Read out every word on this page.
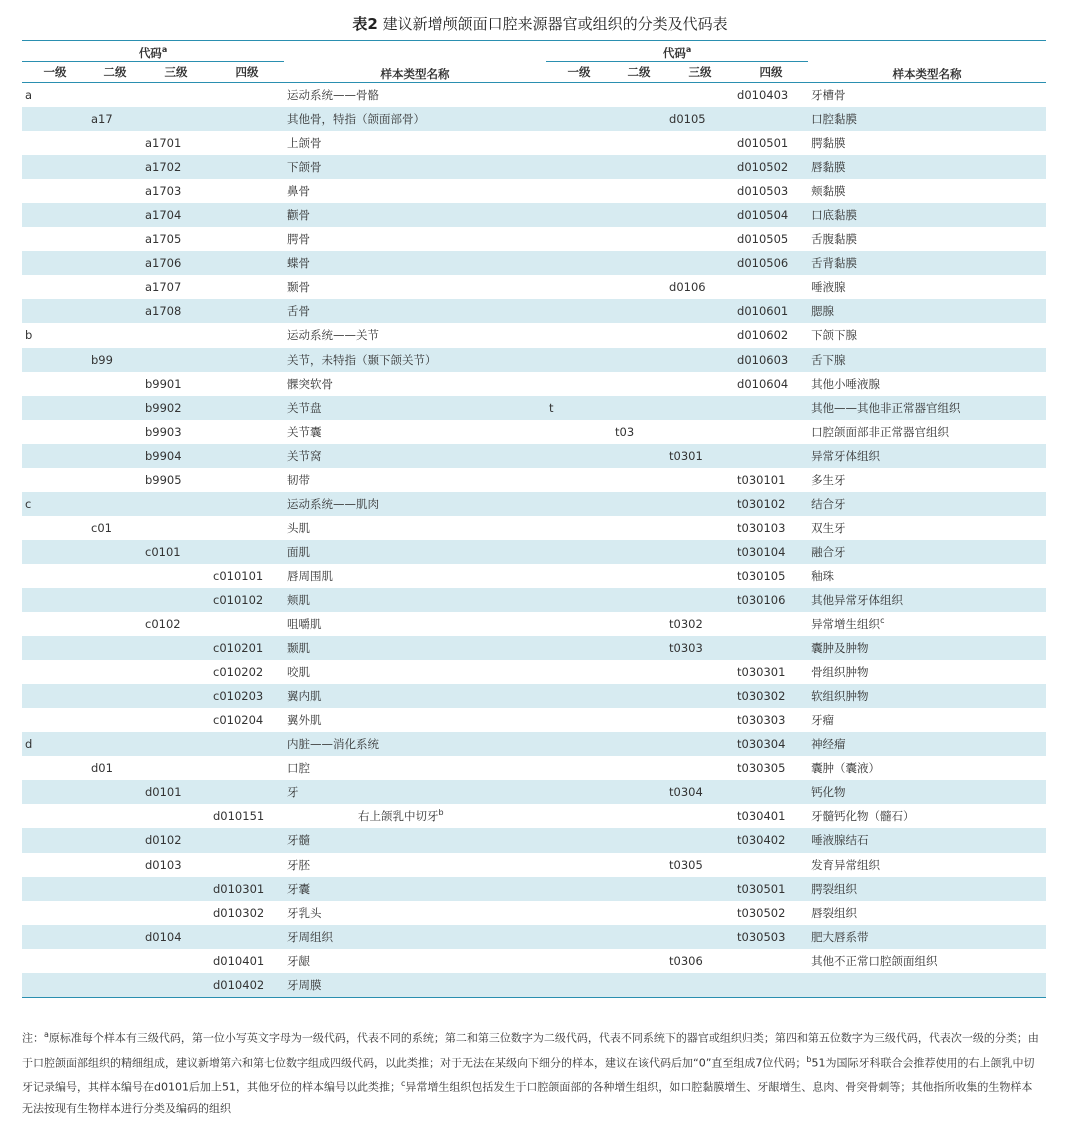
表2 建议新增颅颌面口腔来源器官或组织的分类及代码表
代码$^a$				样本类型名称	代码$^a$				样本类型名称
一级	二级	三级	四级		一级	二级	三级	四级	
a				运动系统——骨骼				d010403	牙槽骨
	a17			其他骨，特指（颌面部骨）			d0105		口腔黏膜
		a1701		上颌骨				d010501	腭黏膜
		a1702		下颌骨				d010502	唇黏膜
		a1703		鼻骨				d010503	颊黏膜
		a1704		颧骨				d010504	口底黏膜
		a1705		腭骨				d010505	舌腹黏膜
		a1706		蝶骨				d010506	舌背黏膜
		a1707		颞骨			d0106		唾液腺
		a1708		舌骨				d010601	腮腺
b				运动系统——关节				d010602	下颌下腺
	b99			关节，未特指（颞下颌关节）				d010603	舌下腺
		b9901		髁突软骨				d010604	其他小唾液腺
		b9902		关节盘	t				其他——其他非正常器官组织
		b9903		关节囊		t03			口腔颌面部非正常器官组织
		b9904		关节窝			t0301		异常牙体组织
		b9905		韧带				t030101	多生牙
c				运动系统——肌肉				t030102	结合牙
	c01			头肌				t030103	双生牙
		c0101		面肌				t030104	融合牙
			c010101	唇周围肌				t030105	釉珠
			c010102	颊肌				t030106	其他异常牙体组织
		c0102		咀嚼肌			t0302		异常增生组织$^c$
			c010201	颞肌			t0303		囊肿及肿物
			c010202	咬肌				t030301	骨组织肿物
			c010203	翼内肌				t030302	软组织肿物
			c010204	翼外肌				t030303	牙瘤
d				内脏——消化系统				t030304	神经瘤
	d01			口腔				t030305	囊肿（囊液）
		d0101		牙			t0304		钙化物
			d010151	右上颌乳中切牙$^b$				t030401	牙髓钙化物（髓石）
		d0102		牙髓				t030402	唾液腺结石
		d0103		牙胚			t0305		发育异常组织
			d010301	牙囊				t030501	腭裂组织
			d010302	牙乳头				t030502	唇裂组织
		d0104		牙周组织				t030503	肥大唇系带
			d010401	牙龈			t0306		其他不正常口腔颌面组织
			d010402	牙周膜					
注：$^a$原标准每个样本有三级代码，第一位小写英文字母为一级代码，代表不同的系统；第二和第三位数字为二级代码，代表不同系统下的器官或组织归类；第四和第五位数字为三级代码，代表次一级的分类；由于口腔颌面部组织的精细组成，建议新增第六和第七位数字组成四级代码，以此类推；对于无法在某级向下细分的样本，建议在该代码后加“0”直至组成7位代码；$^b$51为国际牙科联合会推荐使用的右上颌乳中切牙记录编号，其样本编号在d0101后加上51，其他牙位的样本编号以此类推；$^c$异常增生组织包括发生于口腔颌面部的各种增生组织，如口腔黏膜增生、牙龈增生、息肉、骨突骨刺等；其他指所收集的生物样本无法按现有生物样本进行分类及编码的组织
